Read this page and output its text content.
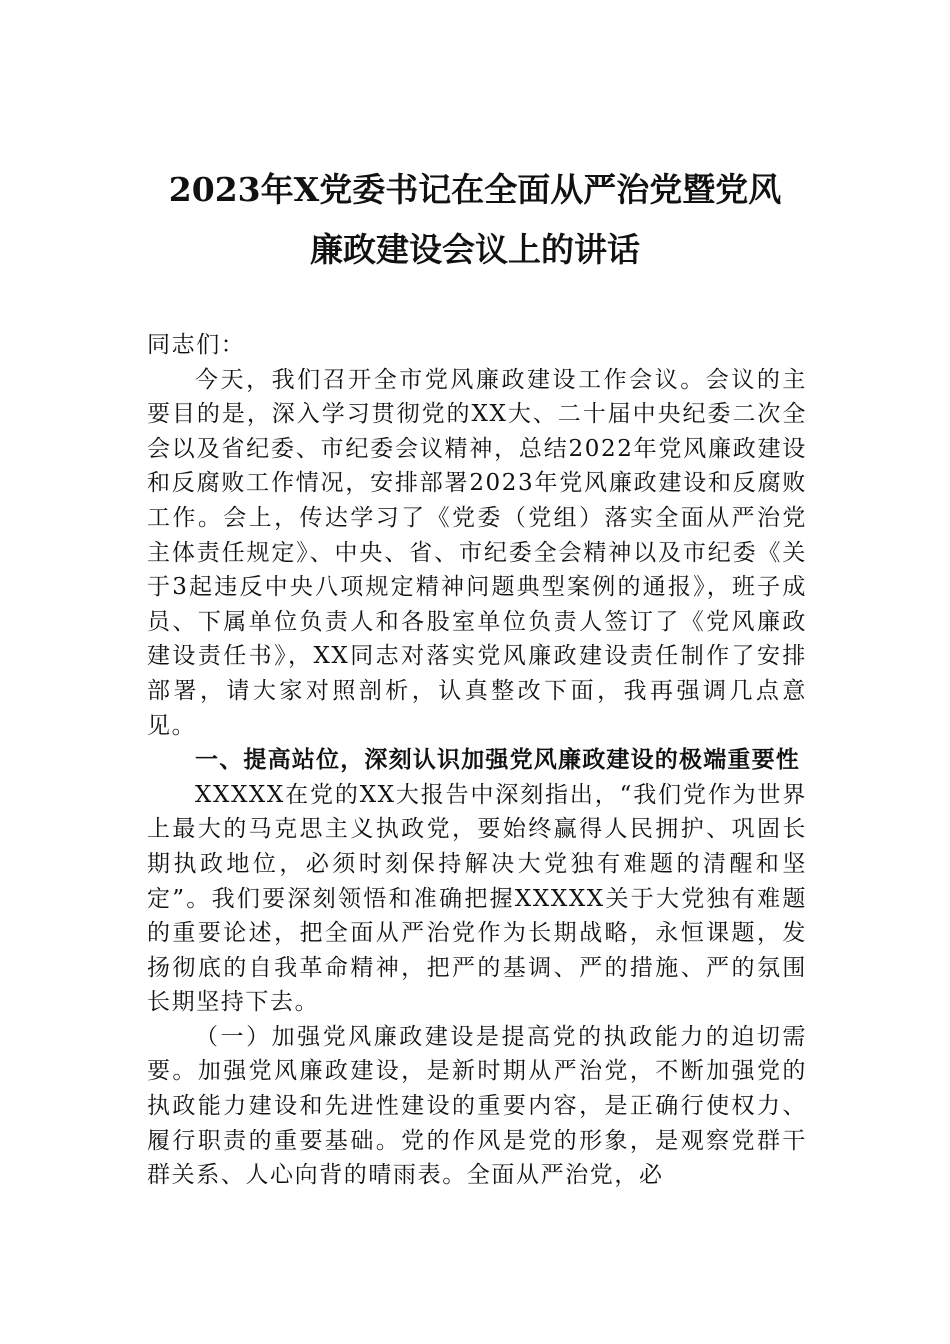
2023年X党委书记在全面从严治党暨党风

廉政建设会议上的讲话

同志们：

今天，我们召开全市党风廉政建设工作会议。会议的主要目的是，深入学习贯彻党的XX大、二十届中央纪委二次全会以及省纪委、市纪委会议精神，总结2022年党风廉政建设和反腐败工作情况，安排部署2023年党风廉政建设和反腐败工作。会上，传达学习了《党委（党组）落实全面从严治党主体责任规定》、中央、省、市纪委全会精神以及市纪委《关于3起违反中央八项规定精神问题典型案例的通报》，班子成员、下属单位负责人和各股室单位负责人签订了《党风廉政建设责任书》，XX同志对落实党风廉政建设责任制作了安排部署，请大家对照剖析，认真整改下面，我再强调几点意见。

一、提高站位，深刻认识加强党风廉政建设的极端重要性

XXXXX在党的XX大报告中深刻指出，“我们党作为世界上最大的马克思主义执政党，要始终赢得人民拥护、巩固长期执政地位，必须时刻保持解决大党独有难题的清醒和坚定”。我们要深刻领悟和准确把握XXXXX关于大党独有难题的重要论述，把全面从严治党作为长期战略，永恒课题，发扬彻底的自我革命精神，把严的基调、严的措施、严的氛围长期坚持下去。

（一）加强党风廉政建设是提高党的执政能力的迫切需要。加强党风廉政建设，是新时期从严治党，不断加强党的执政能力建设和先进性建设的重要内容，是正确行使权力、履行职责的重要基础。党的作风是党的形象，是观察党群干群关系、人心向背的晴雨表。全面从严治党，必
